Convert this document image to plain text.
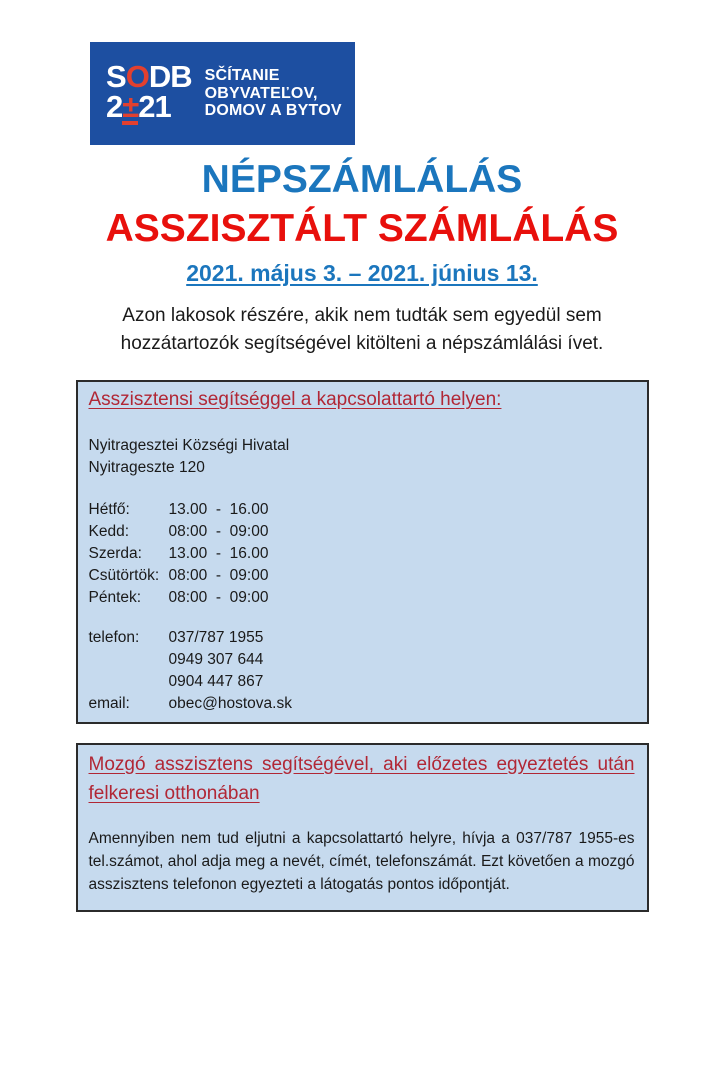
SODB
2±21
SČÍTANIE
OBYVATEĽOV,
DOMOV A BYTOV
NÉPSZÁMLÁLÁS
ASSZISZTÁLT SZÁMLÁLÁS
2021. május 3. – 2021. június 13.
Azon lakosok részére, akik nem tudták sem egyedül sem hozzátartozók segítségével kitölteni a népszámlálási ívet.
Asszisztensi segítséggel a kapcsolattartó helyen:
Nyitragesztei Községi Hivatal
Nyitrageszte 120
Hétfő:	13.00  -  16.00
Kedd:	08:00  -  09:00
Szerda:	13.00  -  16.00
Csütörtök: 08:00  -  09:00
Péntek:	08:00  -  09:00
telefon:	037/787 1955
0949 307 644
0904 447 867
email:	obec@hostova.sk
Mozgó asszisztens segítségével, aki előzetes egyeztetés után
felkeresi otthonában
Amennyiben nem tud eljutni a kapcsolattartó helyre, hívja a 037/787 1955-es tel.számot, ahol adja meg a nevét, címét, telefonszámát. Ezt követően a mozgó asszisztens telefonon egyezteti a látogatás pontos időpontját.
